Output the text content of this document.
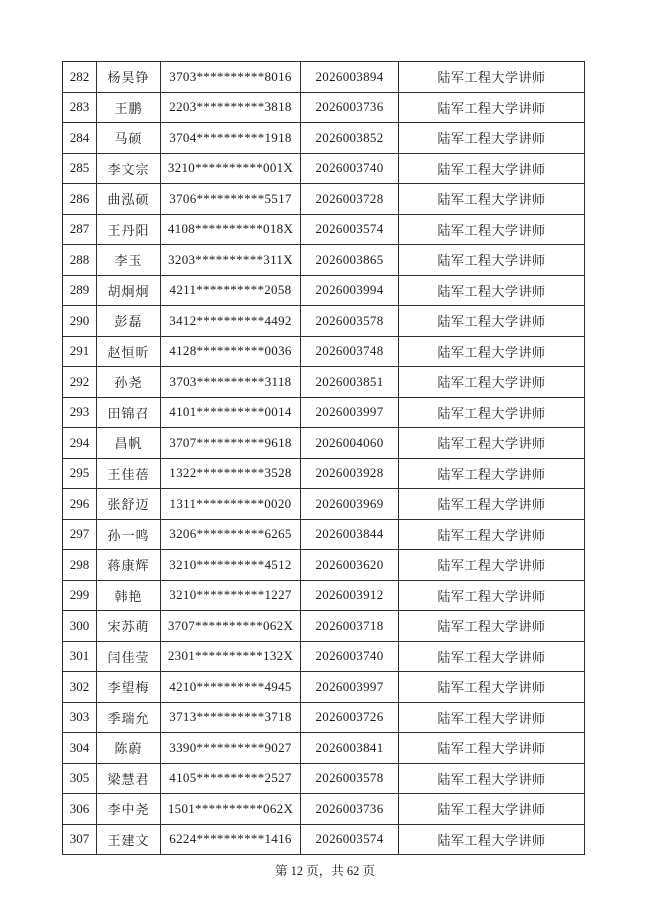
282	杨昊铮	3703**********8016	2026003894	陆军工程大学讲师
283	王鹏	2203**********3818	2026003736	陆军工程大学讲师
284	马硕	3704**********1918	2026003852	陆军工程大学讲师
285	李文宗	3210**********001X	2026003740	陆军工程大学讲师
286	曲泓硕	3706**********5517	2026003728	陆军工程大学讲师
287	王丹阳	4108**********018X	2026003574	陆军工程大学讲师
288	李玉	3203**********311X	2026003865	陆军工程大学讲师
289	胡炯炯	4211**********2058	2026003994	陆军工程大学讲师
290	彭磊	3412**********4492	2026003578	陆军工程大学讲师
291	赵恒昕	4128**********0036	2026003748	陆军工程大学讲师
292	孙尧	3703**********3118	2026003851	陆军工程大学讲师
293	田锦召	4101**********0014	2026003997	陆军工程大学讲师
294	昌帆	3707**********9618	2026004060	陆军工程大学讲师
295	王佳蓓	1322**********3528	2026003928	陆军工程大学讲师
296	张舒迈	1311**********0020	2026003969	陆军工程大学讲师
297	孙一鸣	3206**********6265	2026003844	陆军工程大学讲师
298	蒋康辉	3210**********4512	2026003620	陆军工程大学讲师
299	韩艳	3210**********1227	2026003912	陆军工程大学讲师
300	宋苏萌	3707**********062X	2026003718	陆军工程大学讲师
301	闫佳莹	2301**********132X	2026003740	陆军工程大学讲师
302	李望梅	4210**********4945	2026003997	陆军工程大学讲师
303	季瑞允	3713**********3718	2026003726	陆军工程大学讲师
304	陈蔚	3390**********9027	2026003841	陆军工程大学讲师
305	梁慧君	4105**********2527	2026003578	陆军工程大学讲师
306	李中尧	1501**********062X	2026003736	陆军工程大学讲师
307	王建文	6224**********1416	2026003574	陆军工程大学讲师
第 12 页，共 62 页
